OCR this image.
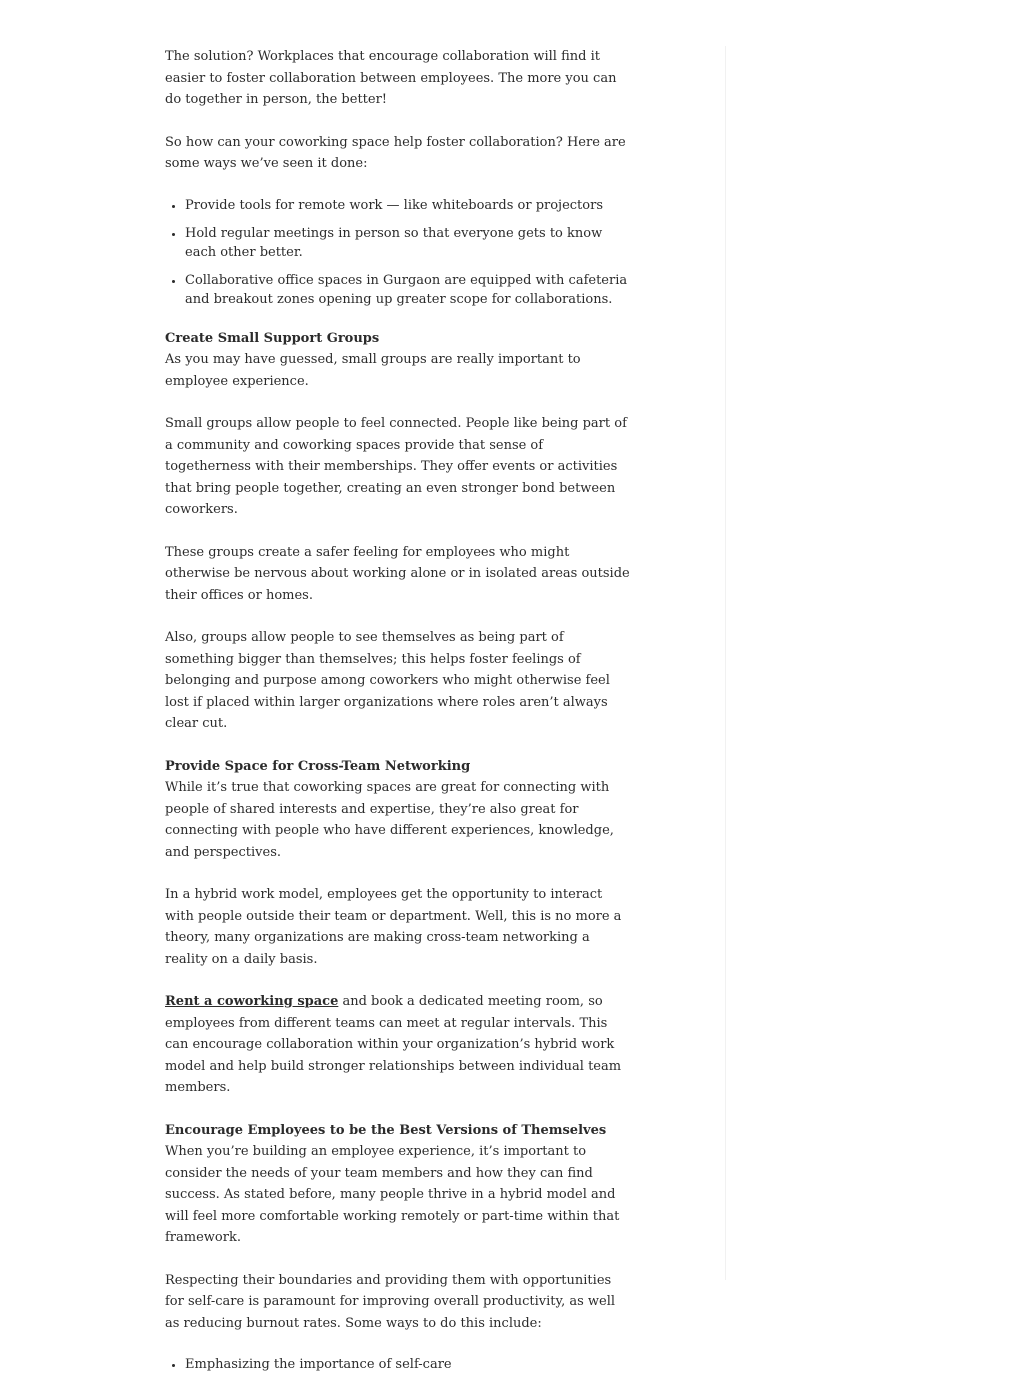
The solution? Workplaces that encourage collaboration will find it easier to foster collaboration between employees. The more you can do together in person, the better!

So how can your coworking space help foster collaboration? Here are some ways we’ve seen it done:

• Provide tools for remote work — like whiteboards or projectors
• Hold regular meetings in person so that everyone gets to know each other better.
• Collaborative office spaces in Gurgaon are equipped with cafeteria and breakout zones opening up greater scope for collaborations.
Create Small Support Groups

As you may have guessed, small groups are really important to employee experience.

Small groups allow people to feel connected. People like being part of a community and coworking spaces provide that sense of togetherness with their memberships. They offer events or activities that bring people together, creating an even stronger bond between coworkers.

These groups create a safer feeling for employees who might otherwise be nervous about working alone or in isolated areas outside their offices or homes.

Also, groups allow people to see themselves as being part of something bigger than themselves; this helps foster feelings of belonging and purpose among coworkers who might otherwise feel lost if placed within larger organizations where roles aren’t always clear cut.

Provide Space for Cross-Team Networking

While it’s true that coworking spaces are great for connecting with people of shared interests and expertise, they’re also great for connecting with people who have different experiences, knowledge, and perspectives.

In a hybrid work model, employees get the opportunity to interact with people outside their team or department. Well, this is no more a theory, many organizations are making cross-team networking a reality on a daily basis.

Rent a coworking space and book a dedicated meeting room, so employees from different teams can meet at regular intervals. This can encourage collaboration within your organization’s hybrid work model and help build stronger relationships between individual team members.

Encourage Employees to be the Best Versions of Themselves

When you’re building an employee experience, it’s important to consider the needs of your team members and how they can find success. As stated before, many people thrive in a hybrid model and will feel more comfortable working remotely or part-time within that framework.

Respecting their boundaries and providing them with opportunities for self-care is paramount for improving overall productivity, as well as reducing burnout rates. Some ways to do this include:

• Emphasizing the importance of self-care
